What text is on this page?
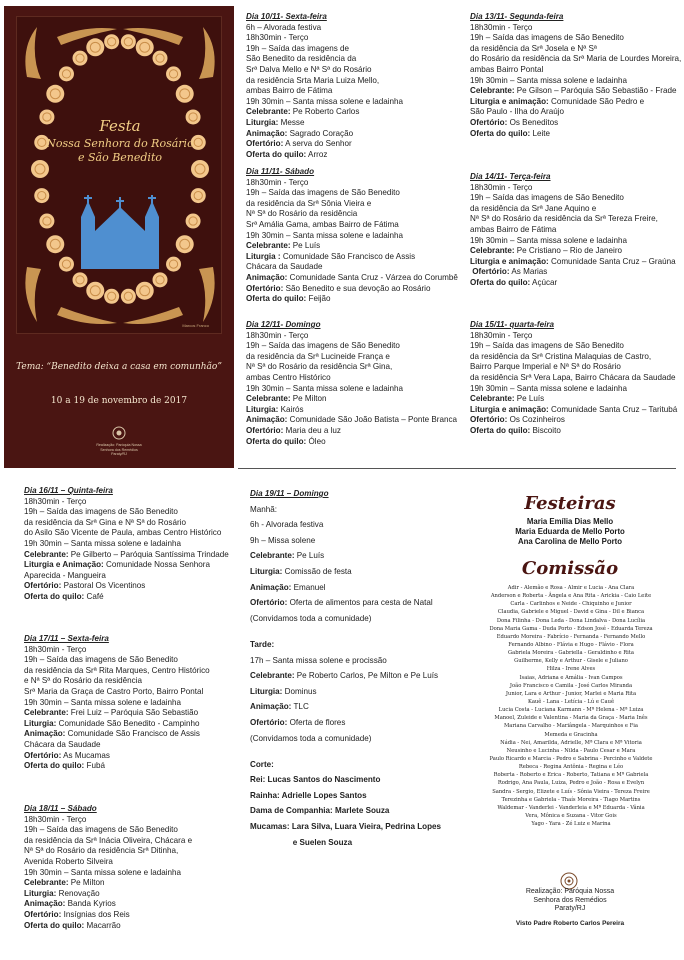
Festa
Nossa Senhora do Rosário
e São Benedito
Marcos Franco
Tema: “Benedito deixa a casa em comunhão”
10 a 19 de novembro de 2017
Realização: Paróquia Nossa
Senhora dos Remédios
Paraty/RJ
Dia 10/11- Sexta-feira
6h – Alvorada festiva
18h30min - Terço
19h – Saída das imagens de
São Benedito da residência da
Srª Dalva Mello e Nª Sª do Rosário
da residência Srta Maria Luiza Mello,
ambas Bairro de Fátima
19h 30min – Santa missa solene e ladainha
Celebrante: Pe Roberto Carlos
Liturgia: Messe
Animação: Sagrado Coração
Ofertório: A serva do Senhor
Oferta do quilo: Arroz
Dia 11/11- Sábado
18h30min - Terço
19h – Saída das imagens de São Benedito
da residência da Srª Sônia Vieira e
Nª Sª do Rosário da residência
Srª Amália Gama, ambas Bairro de Fátima
19h 30min – Santa missa solene e ladainha
Celebrante: Pe Luís
Liturgia : Comunidade São Francisco de Assis
Chácara da Saudade
Animação: Comunidade Santa Cruz - Várzea do Corumbê
Ofertório: São Benedito e sua devoção ao Rosário
Oferta do quilo: Feijão
Dia 12/11- Domingo
18h30min - Terço
19h – Saída das imagens de São Benedito
da residência da Srª Lucineide França e
Nª Sª do Rosário da residência Srª Gina,
ambas Centro Histórico
19h 30min – Santa missa solene e ladainha
Celebrante: Pe Milton
Liturgia: Kairós
Animação: Comunidade São João Batista – Ponte Branca
Ofertório: Maria deu a luz
Oferta do quilo: Óleo
Dia 13/11- Segunda-feira
18h30min - Terço
19h – Saída das imagens de São Benedito
da residência da Srª Josela e Nª Sª
do Rosário da residência da Srª Maria de Lourdes Moreira,
ambas Bairro Pontal
19h 30min – Santa missa solene e ladainha
Celebrante: Pe Gilson – Paróquia São Sebastião - Frade
Liturgia e animação: Comunidade São Pedro e
São Paulo - Ilha do Araújo
Ofertório: Os Beneditos
Oferta do quilo: Leite
Dia 14/11- Terça-feira
18h30min - Terço
19h – Saída das imagens de São Benedito
da residência da Srª Jane Aquino e
Nª Sª do Rosário da residência da Srª Tereza Freire,
ambas Bairro de Fátima
19h 30min – Santa missa solene e ladainha
Celebrante: Pe Cristiano – Rio de Janeiro
Liturgia e animação: Comunidade Santa Cruz – Graúna
Ofertório: As Marias
Oferta do quilo: Açúcar
Dia 15/11- quarta-feira
18h30min - Terço
19h – Saída das imagens de São Benedito
da residência da Srª Cristina Malaquias de Castro,
Bairro Parque Imperial e Nª Sª do Rosário
da residência Srª Vera Lapa, Bairro Chácara da Saudade
19h 30min – Santa missa solene e ladainha
Celebrante: Pe Luís
Liturgia e animação: Comunidade Santa Cruz – Taritubá
Ofertório: Os Cozinheiros
Oferta do quilo: Biscoito
Dia 16/11 – Quinta-feira
18h30min - Terço
19h – Saída das imagens de São Benedito
da residência da Srª Gina e Nª Sª do Rosário
do Asilo São Vicente de Paula, ambas Centro Histórico
19h 30min – Santa missa solene e ladainha
Celebrante: Pe Gilberto – Paróquia Santíssima Trindade
Liturgia e Animação: Comunidade Nossa Senhora
Aparecida - Mangueira
Ofertório: Pastoral Os Vicentinos
Oferta do quilo: Café
Dia 17/11 – Sexta-feira
18h30min - Terço
19h – Saída das imagens de São Benedito
da residência da Srª Rita Marques, Centro Histórico
e Nª Sª do Rosário da residência
Srª Maria da Graça de Castro Porto, Bairro Pontal
19h 30min – Santa missa solene e ladainha
Celebrante: Frei Luiz – Paróquia São Sebastião
Liturgia: Comunidade São Benedito - Campinho
Animação: Comunidade São Francisco de Assis
Chácara da Saudade
Ofertório: As Mucamas
Oferta do quilo: Fubá
Dia 18/11 – Sábado
18h30min - Terço
19h – Saída das imagens de São Benedito
da residência da Srª Inácia Oliveira, Chácara e
Nª Sª do Rosário da residência Srª Ditinha,
Avenida Roberto Silveira
19h 30min – Santa missa solene e ladainha
Celebrante: Pe Milton
Liturgia: Renovação
Animação: Banda Kyrios
Ofertório: Insígnias dos Reis
Oferta do quilo: Macarrão
Dia 19/11 – Domingo
Manhã:
6h - Alvorada festiva
9h – Missa solene
Celebrante: Pe Luís
Liturgia: Comissão de festa
Animação: Emanuel
Ofertório: Oferta de alimentos para cesta de Natal
(Convidamos toda a comunidade)
Tarde:
17h – Santa missa solene e procissão
Celebrante: Pe Roberto Carlos, Pe Milton e Pe Luís
Liturgia: Dominus
Animação: TLC
Ofertório: Oferta de flores
(Convidamos toda a comunidade)
Corte:
Rei: Lucas Santos do Nascimento
Rainha: Adrielle Lopes Santos
Dama de Companhia: Marlete Souza
Mucamas: Lara Silva, Luara Vieira, Pedrina Lopes
e Suelen Souza
Festeiras
Maria Emília Dias Mello
Maria Eduarda de Mello Porto
Ana Carolina de Mello Porto
Comissão
Adir - Alemão e Rosa - Almir e Lucia - Ana Clara
Anderson e Roberta - Ângela e Ana Rita - Arickia - Caio Leite
Carla - Carlinhos e Neide - Chiquinho e Junior
Claudia, Gabriele e Miguel - David e Gina - Dil e Bianca
Dona Filinha - Dona Leda - Dona Lindalva - Dona Lucília
Dona Maria Gama - Duda Porto - Edson José - Eduarda Tereza
Eduardo Moreira - Fabrício - Fernanda - Fernando Mello
Fernando Albino - Flávia e Hugo - Flávio - Flora
Gabriela Moreira - Gabriella - Geraldinho e Rita
Guilherme, Kelly e Arthur - Gisele e Juliano
Hilza - Irene Alves
Isaias, Adriana e Amália - Ivan Campos
João Francisco e Camila - José Carlos Miranda
Junior, Lara e Arthur - Junior, Marlei e Maria Rita
Kauê - Lana - Letícia - Lú e Cauê
Lucia Costa - Luciana Karmann - Mª Helena - Mª Luiza
Manoel, Zuleide e Valentina - Maria da Graça - Maria Inês
Mariana Carvalho - Mariângela - Marquinhos e Fia
Memeda e Gracinha
Nádia - Nei, Amarilda, Adrielle, Mª Clara e Mª Vitoria
Neusinho e Lucinha - Nilda - Paulo Cesar e Mara
Paulo Ricardo e Marcia - Pedro e Sabrina - Percinho e Valdete
Rebeca - Regina Antônia - Regina e Léo
Roberta - Roberto e Erica - Roberto, Tatiana e Mª Gabriela
Rodrigo, Ana Paula, Luiza, Pedro e João - Rosa e Evelyn
Sandra - Sergio, Elizete e Luís - Sônia Vieira - Tereza Freire
Terezinha e Gabriela - Thaís Moreira - Tiago Martins
Waldemar - Vanderlei - Vanderleia e Mª Eduarda - Vânia
Vera, Mônica e Suzana - Vitor Gois
Yago - Yara - Zé Luiz e Marina
Realização: Paróquia Nossa
Senhora dos Remédios
Paraty/RJ
Visto Padre Roberto Carlos Pereira
